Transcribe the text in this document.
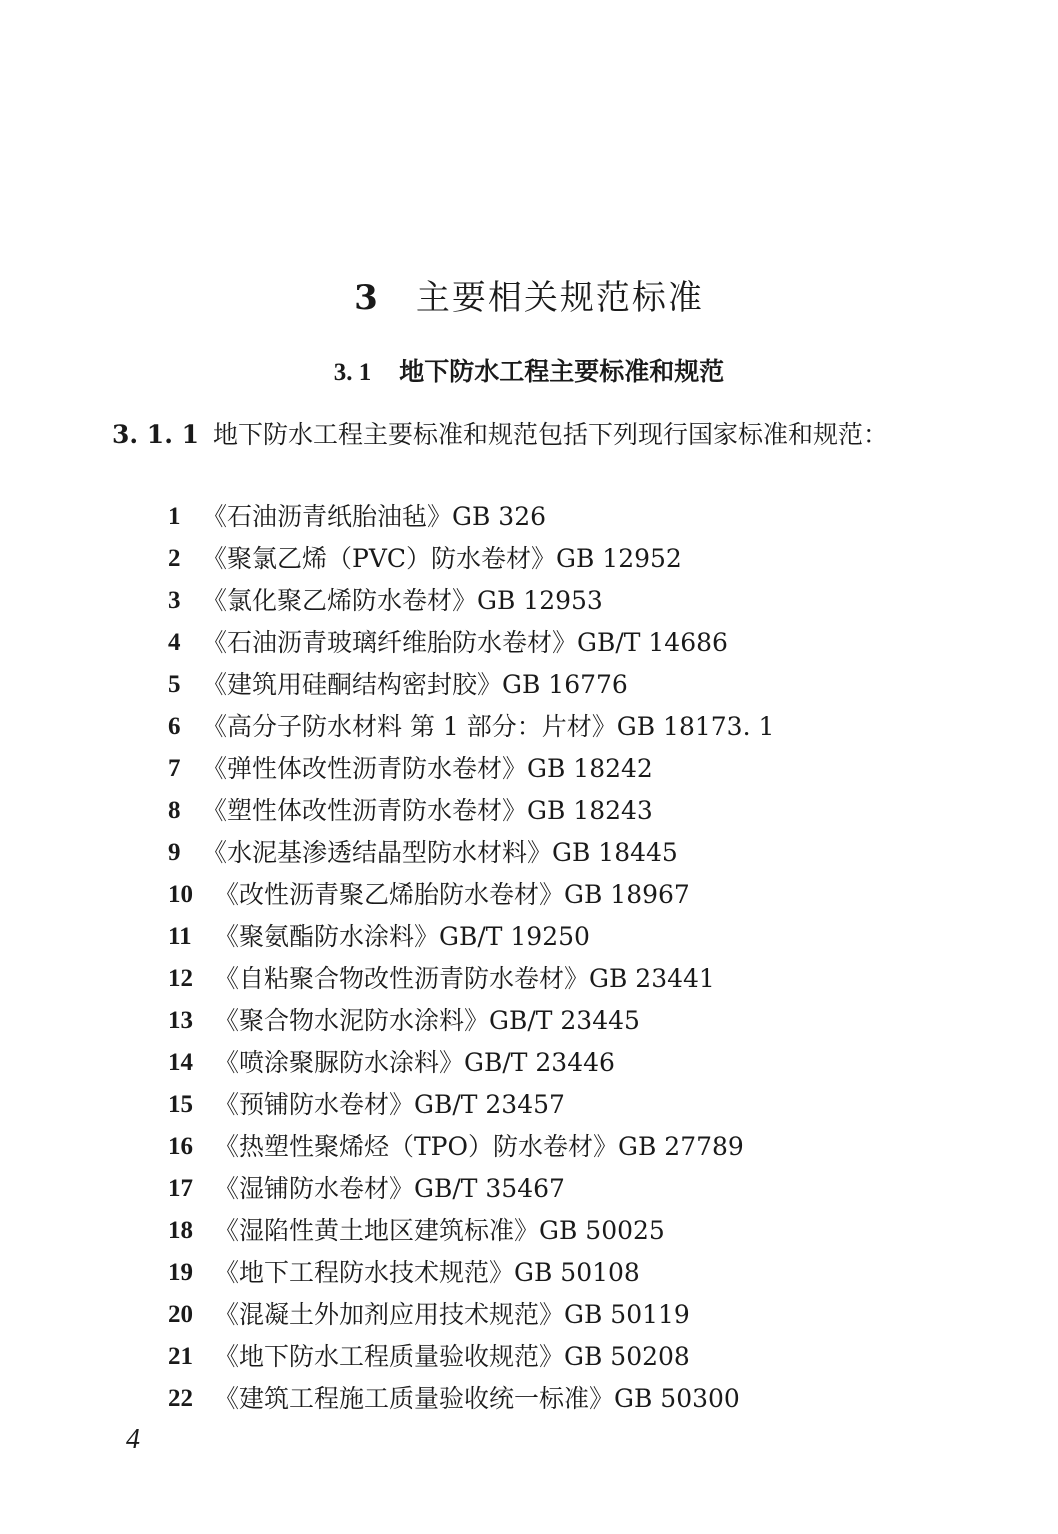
3 主要相关规范标准
3. 1 地下防水工程主要标准和规范
3. 1. 1 地下防水工程主要标准和规范包括下列现行国家标准和规范：
1 《石油沥青纸胎油毡》GB 326
2 《聚氯乙烯（PVC）防水卷材》GB 12952
3 《氯化聚乙烯防水卷材》GB 12953
4 《石油沥青玻璃纤维胎防水卷材》GB/T 14686
5 《建筑用硅酮结构密封胶》GB 16776
6 《高分子防水材料 第 1 部分：片材》GB 18173. 1
7 《弹性体改性沥青防水卷材》GB 18242
8 《塑性体改性沥青防水卷材》GB 18243
9 《水泥基渗透结晶型防水材料》GB 18445
10 《改性沥青聚乙烯胎防水卷材》GB 18967
11 《聚氨酯防水涂料》GB/T 19250
12 《自粘聚合物改性沥青防水卷材》GB 23441
13 《聚合物水泥防水涂料》GB/T 23445
14 《喷涂聚脲防水涂料》GB/T 23446
15 《预铺防水卷材》GB/T 23457
16 《热塑性聚烯烃（TPO）防水卷材》GB 27789
17 《湿铺防水卷材》GB/T 35467
18 《湿陷性黄土地区建筑标准》GB 50025
19 《地下工程防水技术规范》GB 50108
20 《混凝土外加剂应用技术规范》GB 50119
21 《地下防水工程质量验收规范》GB 50208
22 《建筑工程施工质量验收统一标准》GB 50300
4
